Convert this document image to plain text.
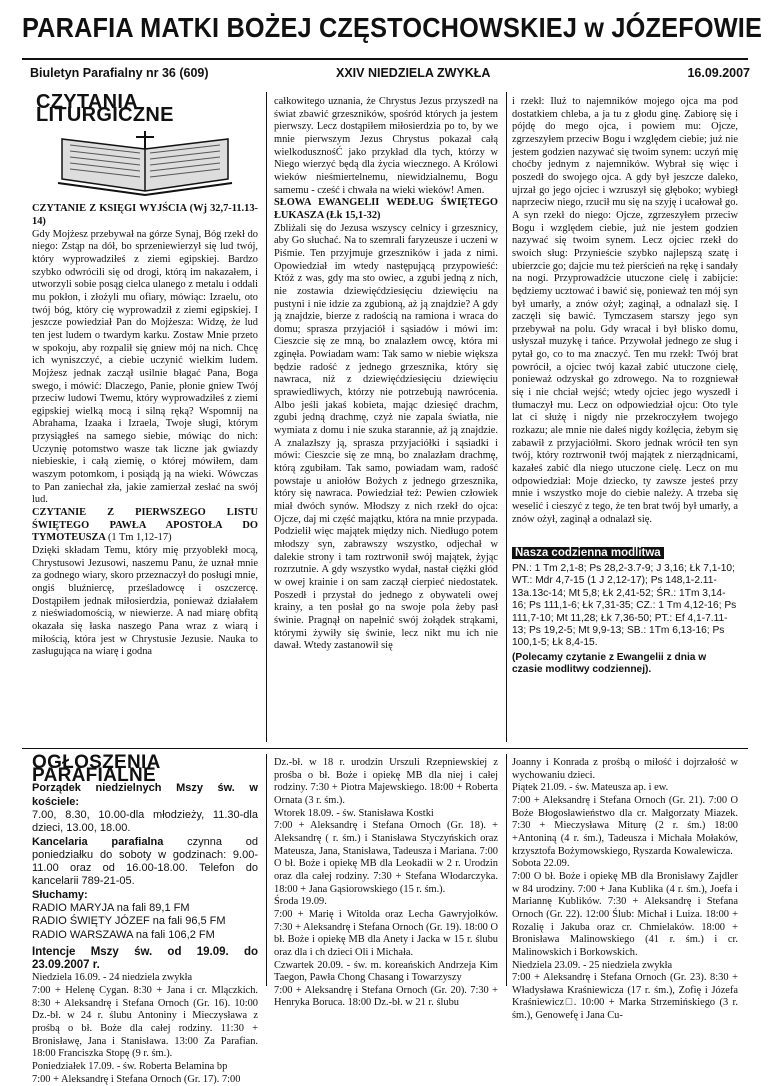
PARAFIA MATKI BOŻEJ CZĘSTOCHOWSKIEJ w JÓZEFOWIE
Biuletyn Parafialny nr 36 (609)	XXIV NIEDZIELA ZWYKŁA	16.09.2007
CZYTANIA LITURGICZNE

CZYTANIE Z KSIĘGI WYJŚCIA (Wj 32,7-11.13-14)

Gdy Mojżesz przebywał na górze Synaj, Bóg rzekł do niego: Zstąp na dół, bo sprzeniewierzył się lud twój, który wyprowadziłeś z ziemi egipskiej. Bardzo szybko odwrócili się od drogi, którą im nakazałem, i utworzyli sobie posąg cielca ulanego z metalu i oddali mu pokłon, i złożyli mu ofiary, mówiąc: Izraelu, oto twój bóg, który cię wyprowadził z ziemi egipskiej. I jeszcze powiedział Pan do Mojżesza: Widzę, że lud ten jest ludem o twardym karku. Zostaw Mnie przeto w spokoju, aby rozpalił się gniew mój na nich. Chcę ich wyniszczyć, a ciebie uczynić wielkim ludem. Mojżesz jednak zaczął usilnie błagać Pana, Boga swego, i mówić: Dlaczego, Panie, płonie gniew Twój przeciw ludowi Twemu, który wyprowadziłeś z ziemi egipskiej wielką mocą i silną ręką? Wspomnij na Abrahama, Izaaka i Izraela, Twoje sługi, którym przysiągłeś na samego siebie, mówiąc do nich: Uczynię potomstwo wasze tak liczne jak gwiazdy niebieskie, i całą ziemię, o której mówiłem, dam waszym potomkom, i posiądą ją na wieki. Wówczas to Pan zaniechał zła, jakie zamierzał zesłać na swój lud.

CZYTANIE Z PIERWSZEGO LISTU ŚWIĘTEGO PAWŁA APOSTOŁA DO TYMOTEUSZA (1 Tm 1,12-17)

Dzięki składam Temu, który mię przyoblekł mocą, Chrystusowi Jezusowi, naszemu Panu, że uznał mnie za godnego wiary, skoro przeznaczył do posługi mnie, ongiś bluźniercę, prześladowcę i oszczercę. Dostąpiłem jednak miłosierdzia, ponieważ działałem z nieświadomością, w niewierze. A nad miarę obfitą okazała się łaska naszego Pana wraz z wiarą i miłością, która jest w Chrystusie Jezusie. Nauka to zasługująca na wiarę i godna

całkowitego uznania, że Chrystus Jezus przyszedł na świat zbawić grzeszników, spośród których ja jestem pierwszy. Lecz dostąpiłem miłosierdzia po to, by we mnie pierwszym Jezus Chrystus pokazał całą wielkodusznośĆ jako przykład dla tych, którzy w Niego wierzyć będą dla życia wiecznego. A Królowi wieków nieśmiertelnemu, niewidzialnemu, Bogu samemu - cześć i chwała na wieki wieków! Amen.

SŁOWA EWANGELII WEDŁUG ŚWIĘTEGO ŁUKASZA (Łk 15,1-32)

Zbliżali się do Jezusa wszyscy celnicy i grzesznicy, aby Go słuchać. Na to szemrali faryzeusze i uczeni w Piśmie. Ten przyjmuje grzeszników i jada z nimi. Opowiedział im wtedy następującą przypowieść: Któż z was, gdy ma sto owiec, a zgubi jedną z nich, nie zostawia dziewięćdziesięciu dziewięciu na pustyni i nie idzie za zgubioną, aż ją znajdzie? A gdy ją znajdzie, bierze z radością na ramiona i wraca do domu; sprasza przyjaciół i sąsiadów i mówi im: Cieszcie się ze mną, bo znalazłem owcę, która mi zginęła. Powiadam wam: Tak samo w niebie większa będzie radość z jednego grzesznika, który się nawraca, niż z dziewięćdziesięciu dziewięciu sprawiedliwych, którzy nie potrzebują nawrócenia. Albo jeśli jakaś kobieta, mając dziesięć drachm, zgubi jedną drachmę, czyż nie zapala światła, nie wymiata z domu i nie szuka starannie, aż ją znajdzie. A znalazłszy ją, sprasza przyjaciółki i sąsiadki i mówi: Cieszcie się ze mną, bo znalazłam drachmę, którą zgubiłam. Tak samo, powiadam wam, radość powstaje u aniołów Bożych z jednego grzesznika, który się nawraca. Powiedział też: Pewien człowiek miał dwóch synów. Młodszy z nich rzekł do ojca: Ojcze, daj mi część majątku, która na mnie przypada. Podzielił więc majątek między nich. Niedługo potem młodszy syn, zabrawszy wszystko, odjechał w dalekie strony i tam roztrwonił swój majątek, żyjąc rozrzutnie. A gdy wszystko wydał, nastał ciężki głód w owej krainie i on sam zaczął cierpieć niedostatek. Poszedł i przystał do jednego z obywateli owej krainy, a ten posłał go na swoje pola żeby pasł świnie. Pragnął on napełnić swój żołądek strąkami, którymi żywiły się świnie, lecz nikt mu ich nie dawał. Wtedy zastanowił się

i rzekł: Iluż to najemników mojego ojca ma pod dostatkiem chleba, a ja tu z głodu ginę. Zabiorę się i pójdę do mego ojca, i powiem mu: Ojcze, zgrzeszyłem przeciw Bogu i względem ciebie; już nie jestem godzien nazywać się twoim synem: uczyń mię choćby jednym z najemników. Wybrał się więc i poszedł do swojego ojca. A gdy był jeszcze daleko, ujrzał go jego ojciec i wzruszył się głęboko; wybiegł naprzeciw niego, rzucił mu się na szyję i ucałował go. A syn rzekł do niego: Ojcze, zgrzeszyłem przeciw Bogu i względem ciebie, już nie jestem godzien nazywać się twoim synem. Lecz ojciec rzekł do swoich sług: Przynieście szybko najlepszą szatę i ubierzcie go; dajcie mu też pierścień na rękę i sandały na nogi. Przyprowadźcie utuczone cielę i zabijcie: będziemy ucztować i bawić się, ponieważ ten mój syn był umarły, a znów ożył; zaginął, a odnalazł się. I zaczęli się bawić. Tymczasem starszy jego syn przebywał na polu. Gdy wracał i był blisko domu, usłyszał muzykę i tańce. Przywołał jednego ze sług i pytał go, co to ma znaczyć. Ten mu rzekł: Twój brat powrócił, a ojciec twój kazał zabić utuczone cielę, ponieważ odzyskał go zdrowego. Na to rozgniewał się i nie chciał wejść; wtedy ojciec jego wyszedł i tłumaczył mu. Lecz on odpowiedział ojcu: Oto tyle lat ci służę i nigdy nie przekroczyłem twojego rozkazu; ale mnie nie dałeś nigdy koźlęcia, żebym się zabawił z przyjaciółmi. Skoro jednak wrócił ten syn twój, który roztrwonił twój majątek z nierządnicami, kazałeś zabić dla niego utuczone cielę. Lecz on mu odpowiedział: Moje dziecko, ty zawsze jesteś przy mnie i wszystko moje do ciebie należy. A trzeba się weselić i cieszyć z tego, że ten brat twój był umarły, a znów ożył, zaginął a odnalazł się.

Nasza codzienna modlitwa
PN.: 1 Tm 2,1-8; Ps 28,2-3.7-9; J 3,16; Łk 7,1-10; WT.: Mdr 4,7-15 (1 J 2,12-17); Ps 148,1-2.11-13a.13c-14; Mt 5,8; Łk 2,41-52; ŚR.: 1Tm 3,14-16; Ps 111,1-6; Łk 7,31-35; CZ.: 1 Tm 4,12-16; Ps 111,7-10; Mt 11,28; Łk 7,36-50; PT.: Ef 4,1-7.11-13; Ps 19,2-5; Mt 9,9-13; SB.: 1Tm 6,13-16; Ps 100,1-5; Łk 8,4-15.
(Polecamy czytanie z Ewangelii z dnia w czasie modlitwy codziennej).
OGŁOSZENIA PARAFIALNE
Porządek niedzielnych Mszy św. w kościele:
7.00, 8.30, 10.00-dla młodzieży, 11.30-dla dzieci, 13.00, 18.00.
Kancelaria parafialna czynna od poniedziałku do soboty w godzinach: 9.00-11.00 oraz od 16.00-18.00. Telefon do kancelarii 789-21-05.
Słuchamy:
RADIO MARYJA na fali 89,1 FM
RADIO ŚWIĘTY JÓZEF na fali 96,5 FM
RADIO WARSZAWA na fali 106,2 FM
Intencje Mszy św. od 19.09. do 23.09.2007 r.

Niedziela 16.09. - 24 niedziela zwykła
7:00 + Helenę Cygan. 8:30 + Jana i cr. Mlączkich. 8:30 + Aleksandrę i Stefana Ornoch (Gr. 16). 10:00 Dz.-bł. w 24 r. ślubu Antoniny i Mieczysława z prośbą o bł. Boże dla całej rodziny. 11:30 + Bronisławę, Jana i Stanisława. 13:00 Za Parafian. 18:00 Franciszka Stopę (9 r. śm.).
Poniedziałek 17.09. - św. Roberta Belamina bp
7:00 + Aleksandrę i Stefana Ornoch (Gr. 17). 7:00

Dz.-bł. w 18 r. urodzin Urszuli Rzepniewskiej z prośba o bł. Boże i opiekę MB dla niej i całej rodziny. 7:30 + Piotra Majewskiego. 18:00 + Roberta Ornata (3 r. śm.).
Wtorek 18.09. - św. Stanisława Kostki
7:00 + Aleksandrę i Stefana Ornoch (Gr. 18). + Aleksandrę ( r. śm.) i Stanisława Styczyńskich oraz Mateusza, Jana, Stanisława, Tadeusza i Mariana. 7:00 O bł. Boże i opiekę MB dla Leokadii w 2 r. Urodzin oraz dla całej rodziny. 7:30 + Stefana Włodarczyka. 18:00 + Jana Gąsiorowskiego (15 r. śm.).
Środa 19.09.
7:00 + Marię i Witolda oraz Lecha Gawryjołków. 7:30 + Aleksandrę i Stefana Ornoch (Gr. 19). 18:00 O bł. Boże i opiekę MB dla Anety i Jacka w 15 r. ślubu oraz dla i ch dzieci Oli i Michała.
Czwartek 20.09. - św. m. koreańskich Andrzeja Kim Taegon, Pawła Chong Chasang i Towarzyszy
7:00 + Aleksandrę i Stefana Ornoch (Gr. 20). 7:30 + Henryka Boruca. 18:00 Dz.-bł. w 21 r. ślubu

Joanny i Konrada z prośbą o miłość i dojrzałość w wychowaniu dzieci.
Piątek 21.09. - św. Mateusza ap. i ew.
7:00 + Aleksandrę i Stefana Ornoch (Gr. 21). 7:00 O Boże Błogosławieństwo dla cr. Małgorzaty Miazek. 7:30 + Mieczysława Miturę (2 r. śm.) 18:00 +Antoniną (4 r. śm.), Tadeusza i Michała Mołaków, krzysztofa Bożymowskiego, Ryszarda Kowalewicza.
Sobota 22.09.
7:00 O bł. Boże i opiekę MB dla Bronisławy Zajdler w 84 urodziny. 7:00 + Jana Kublika (4 r. śm.), Joefa i Mariannę Kublików. 7:30 + Aleksandrę i Stefana Ornoch (Gr. 22). 12:00 Ślub: Michał i Luiza. 18:00 + Rozalię i Jakuba oraz cr. Chmielaków. 18:00 + Bronisława Malinowskiego (41 r. śm.) i cr. Malinowskich i Borkowskich.
Niedziela 23.09. - 25 niedziela zwykła
7:00 + Aleksandrę i Stefana Ornoch (Gr. 23). 8:30 + Władysława Kraśniewicza (17 r. śm.), Zofię i Józefa Kraśniewicz□. 10:00 + Marka Strzemińskiego (3 r. śm.), Genowefę i Jana Cu-
